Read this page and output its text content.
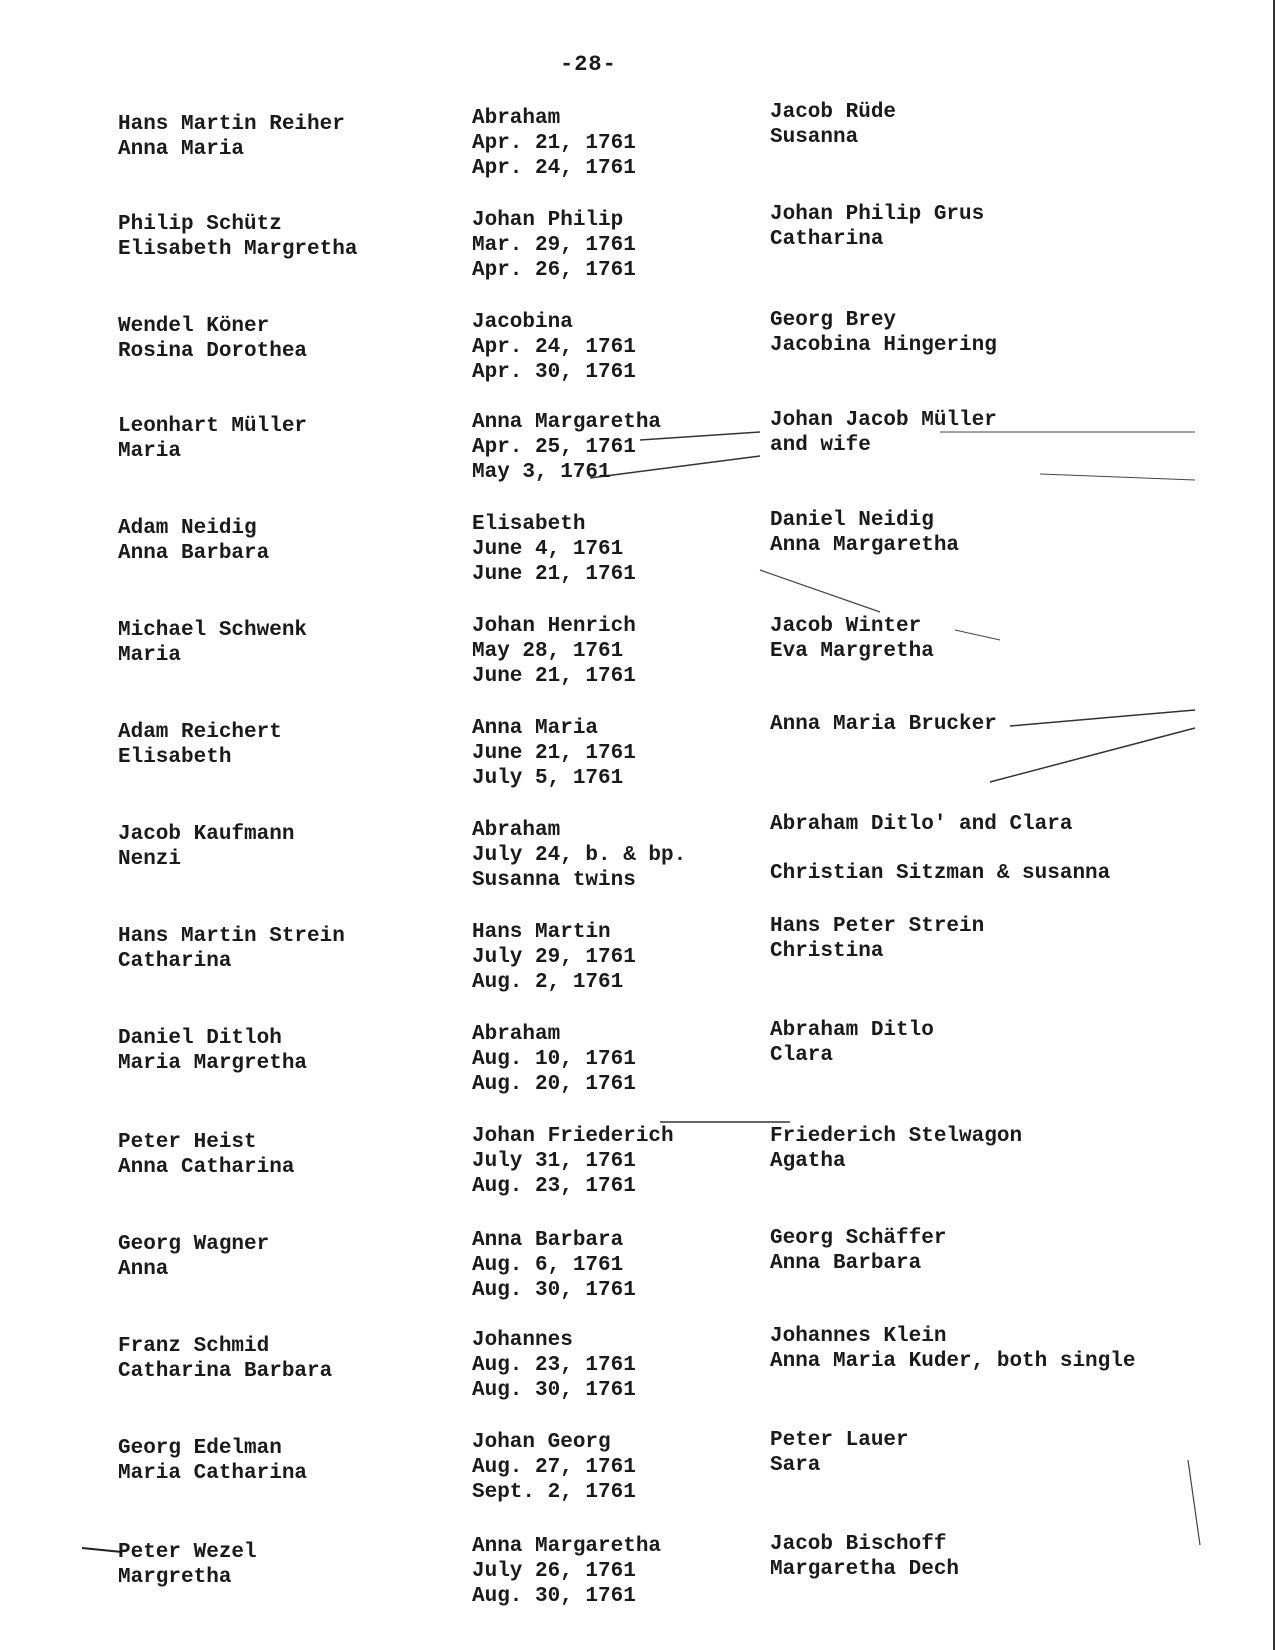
-28-
Hans Martin Reiher
Anna Maria
Abraham
Apr. 21, 1761
Apr. 24, 1761
Jacob Rüde
Susanna
Philip Schütz
Elisabeth Margretha
Johan Philip
Mar. 29, 1761
Apr. 26, 1761
Johan Philip Grus
Catharina
Wendel Köner
Rosina Dorothea
Jacobina
Apr. 24, 1761
Apr. 30, 1761
Georg Brey
Jacobina Hingering
Leonhart Müller
Maria
Anna Margaretha
Apr. 25, 1761
May 3, 1761
Johan Jacob Müller
and wife
Adam Neidig
Anna Barbara
Elisabeth
June 4, 1761
June 21, 1761
Daniel Neidig
Anna Margaretha
Michael Schwenk
Maria
Johan Henrich
May 28, 1761
June 21, 1761
Jacob Winter
Eva Margretha
Adam Reichert
Elisabeth
Anna Maria
June 21, 1761
July 5, 1761
Anna Maria Brucker
Jacob Kaufmann
Nenzi
Abraham
July 24, b. & bp.
Susanna twins
Abraham Ditlo' and Clara
Christian Sitzman & susanna
Hans Martin Strein
Catharina
Hans Martin
July 29, 1761
Aug. 2, 1761
Hans Peter Strein
Christina
Daniel Ditloh
Maria Margretha
Abraham
Aug. 10, 1761
Aug. 20, 1761
Abraham Ditlo
Clara
Peter Heist
Anna Catharina
Johan Friederich
July 31, 1761
Aug. 23, 1761
Friederich Stelwagon
Agatha
Georg Wagner
Anna
Anna Barbara
Aug. 6, 1761
Aug. 30, 1761
Georg Schäffer
Anna Barbara
Franz Schmid
Catharina Barbara
Johannes
Aug. 23, 1761
Aug. 30, 1761
Johannes Klein
Anna Maria Kuder, both single
Georg Edelman
Maria Catharina
Johan Georg
Aug. 27, 1761
Sept. 2, 1761
Peter Lauer
Sara
Peter Wezel
Margretha
Anna Margaretha
July 26, 1761
Aug. 30, 1761
Jacob Bischoff
Margaretha Dech
